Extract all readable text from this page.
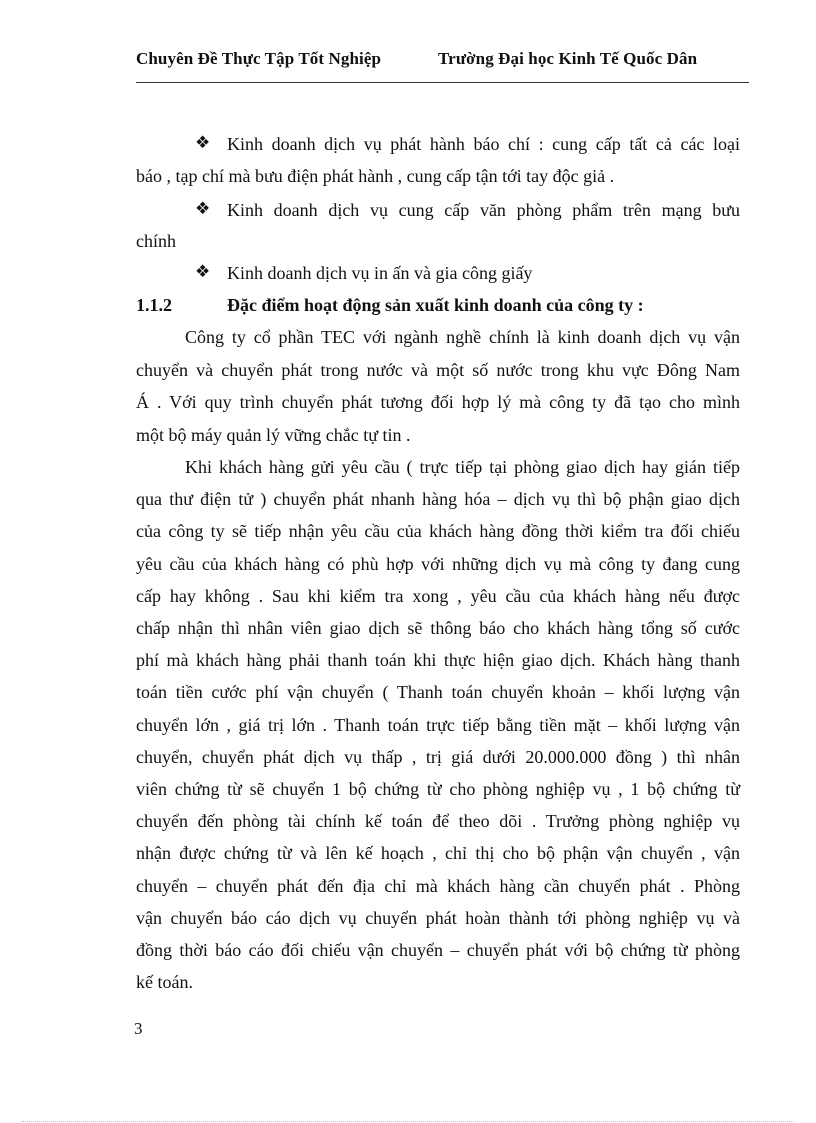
Chuyên Đề Thực Tập Tốt Nghiệp	Trường Đại học Kinh Tế Quốc Dân
❖ Kinh doanh dịch vụ phát hành báo chí : cung cấp tất cả các loại
báo , tạp chí mà bưu điện phát hành , cung cấp tận tới tay độc giả .
❖ Kinh doanh dịch vụ cung cấp văn phòng phẩm trên mạng bưu
chính
❖ Kinh doanh dịch vụ in ấn và gia công giấy
1.1.2	Đặc điểm hoạt động sản xuất kinh doanh của công ty :
Công ty cổ phần TEC với ngành nghề chính là kinh doanh dịch vụ vận
chuyển và chuyển phát trong nước và một số nước trong khu vực Đông Nam
Á . Với quy trình chuyển phát tương đối hợp lý mà công ty đã tạo cho mình
một bộ máy quản lý vững chắc tự tin .
Khi khách hàng gửi yêu cầu ( trực tiếp tại phòng giao dịch hay gián tiếp
qua thư điện tử ) chuyển phát nhanh hàng hóa – dịch vụ thì bộ phận giao dịch
của công ty sẽ tiếp nhận yêu cầu của khách hàng đồng thời kiểm tra đối chiếu
yêu cầu của khách hàng có phù hợp với những dịch vụ mà công ty đang cung
cấp hay không . Sau khi kiểm tra xong , yêu cầu của khách hàng nếu được
chấp nhận thì nhân viên giao dịch sẽ thông báo cho khách hàng tổng số cước
phí mà khách hàng phải thanh toán khi thực hiện giao dịch. Khách hàng thanh
toán tiền cước phí vận chuyển ( Thanh toán chuyển khoản – khối lượng vận
chuyển lớn , giá trị lớn . Thanh toán trực tiếp bằng tiền mặt – khối lượng vận
chuyển, chuyển phát dịch vụ thấp , trị giá dưới 20.000.000 đồng ) thì nhân
viên chứng từ sẽ chuyển 1 bộ chứng từ cho phòng nghiệp vụ , 1 bộ chứng từ
chuyển đến phòng tài chính kế toán để theo dõi . Trưởng phòng nghiệp vụ
nhận được chứng từ và lên kế hoạch , chỉ thị cho bộ phận vận chuyển , vận
chuyển – chuyển phát đến địa chỉ mà khách hàng cần chuyển phát . Phòng
vận chuyển báo cáo dịch vụ chuyển phát hoàn thành tới phòng nghiệp vụ và
đồng thời báo cáo đối chiếu vận chuyển – chuyển phát với bộ chứng từ phòng
kế toán.
3
